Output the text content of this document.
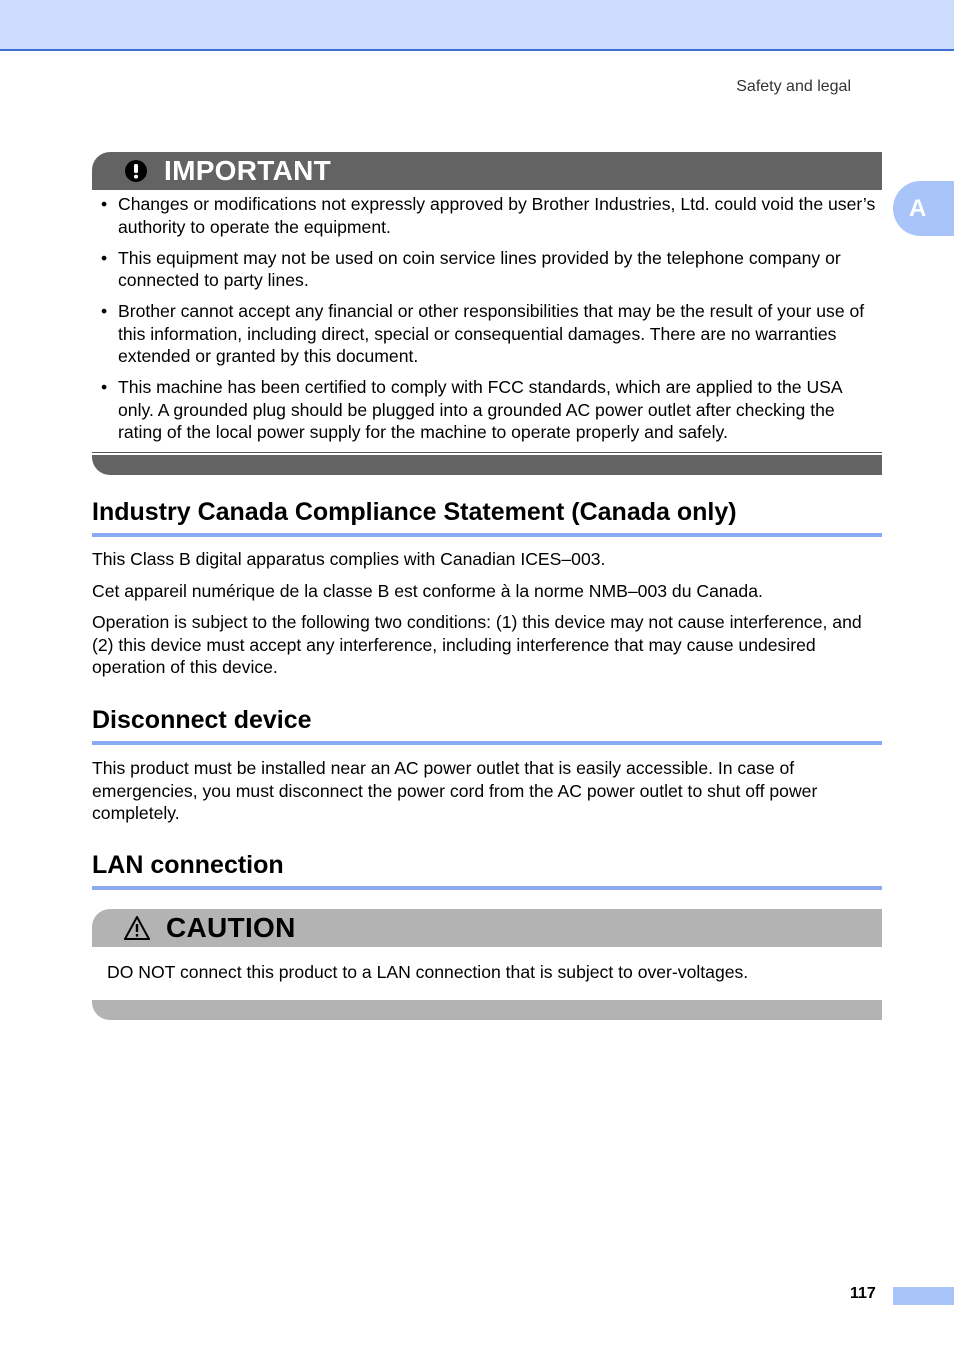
Safety and legal
A
IMPORTANT
• Changes or modifications not expressly approved by Brother Industries, Ltd. could void the user’s authority to operate the equipment.
• This equipment may not be used on coin service lines provided by the telephone company or connected to party lines.
• Brother cannot accept any financial or other responsibilities that may be the result of your use of this information, including direct, special or consequential damages. There are no warranties extended or granted by this document.
• This machine has been certified to comply with FCC standards, which are applied to the USA only. A grounded plug should be plugged into a grounded AC power outlet after checking the rating of the local power supply for the machine to operate properly and safely.
Industry Canada Compliance Statement (Canada only)

This Class B digital apparatus complies with Canadian ICES–003.

Cet appareil numérique de la classe B est conforme à la norme NMB–003 du Canada.

Operation is subject to the following two conditions: (1) this device may not cause interference, and (2) this device must accept any interference, including interference that may cause undesired operation of this device.

Disconnect device

This product must be installed near an AC power outlet that is easily accessible. In case of emergencies, you must disconnect the power cord from the AC power outlet to shut off power completely.

LAN connection
CAUTION
DO NOT connect this product to a LAN connection that is subject to over-voltages.
117
